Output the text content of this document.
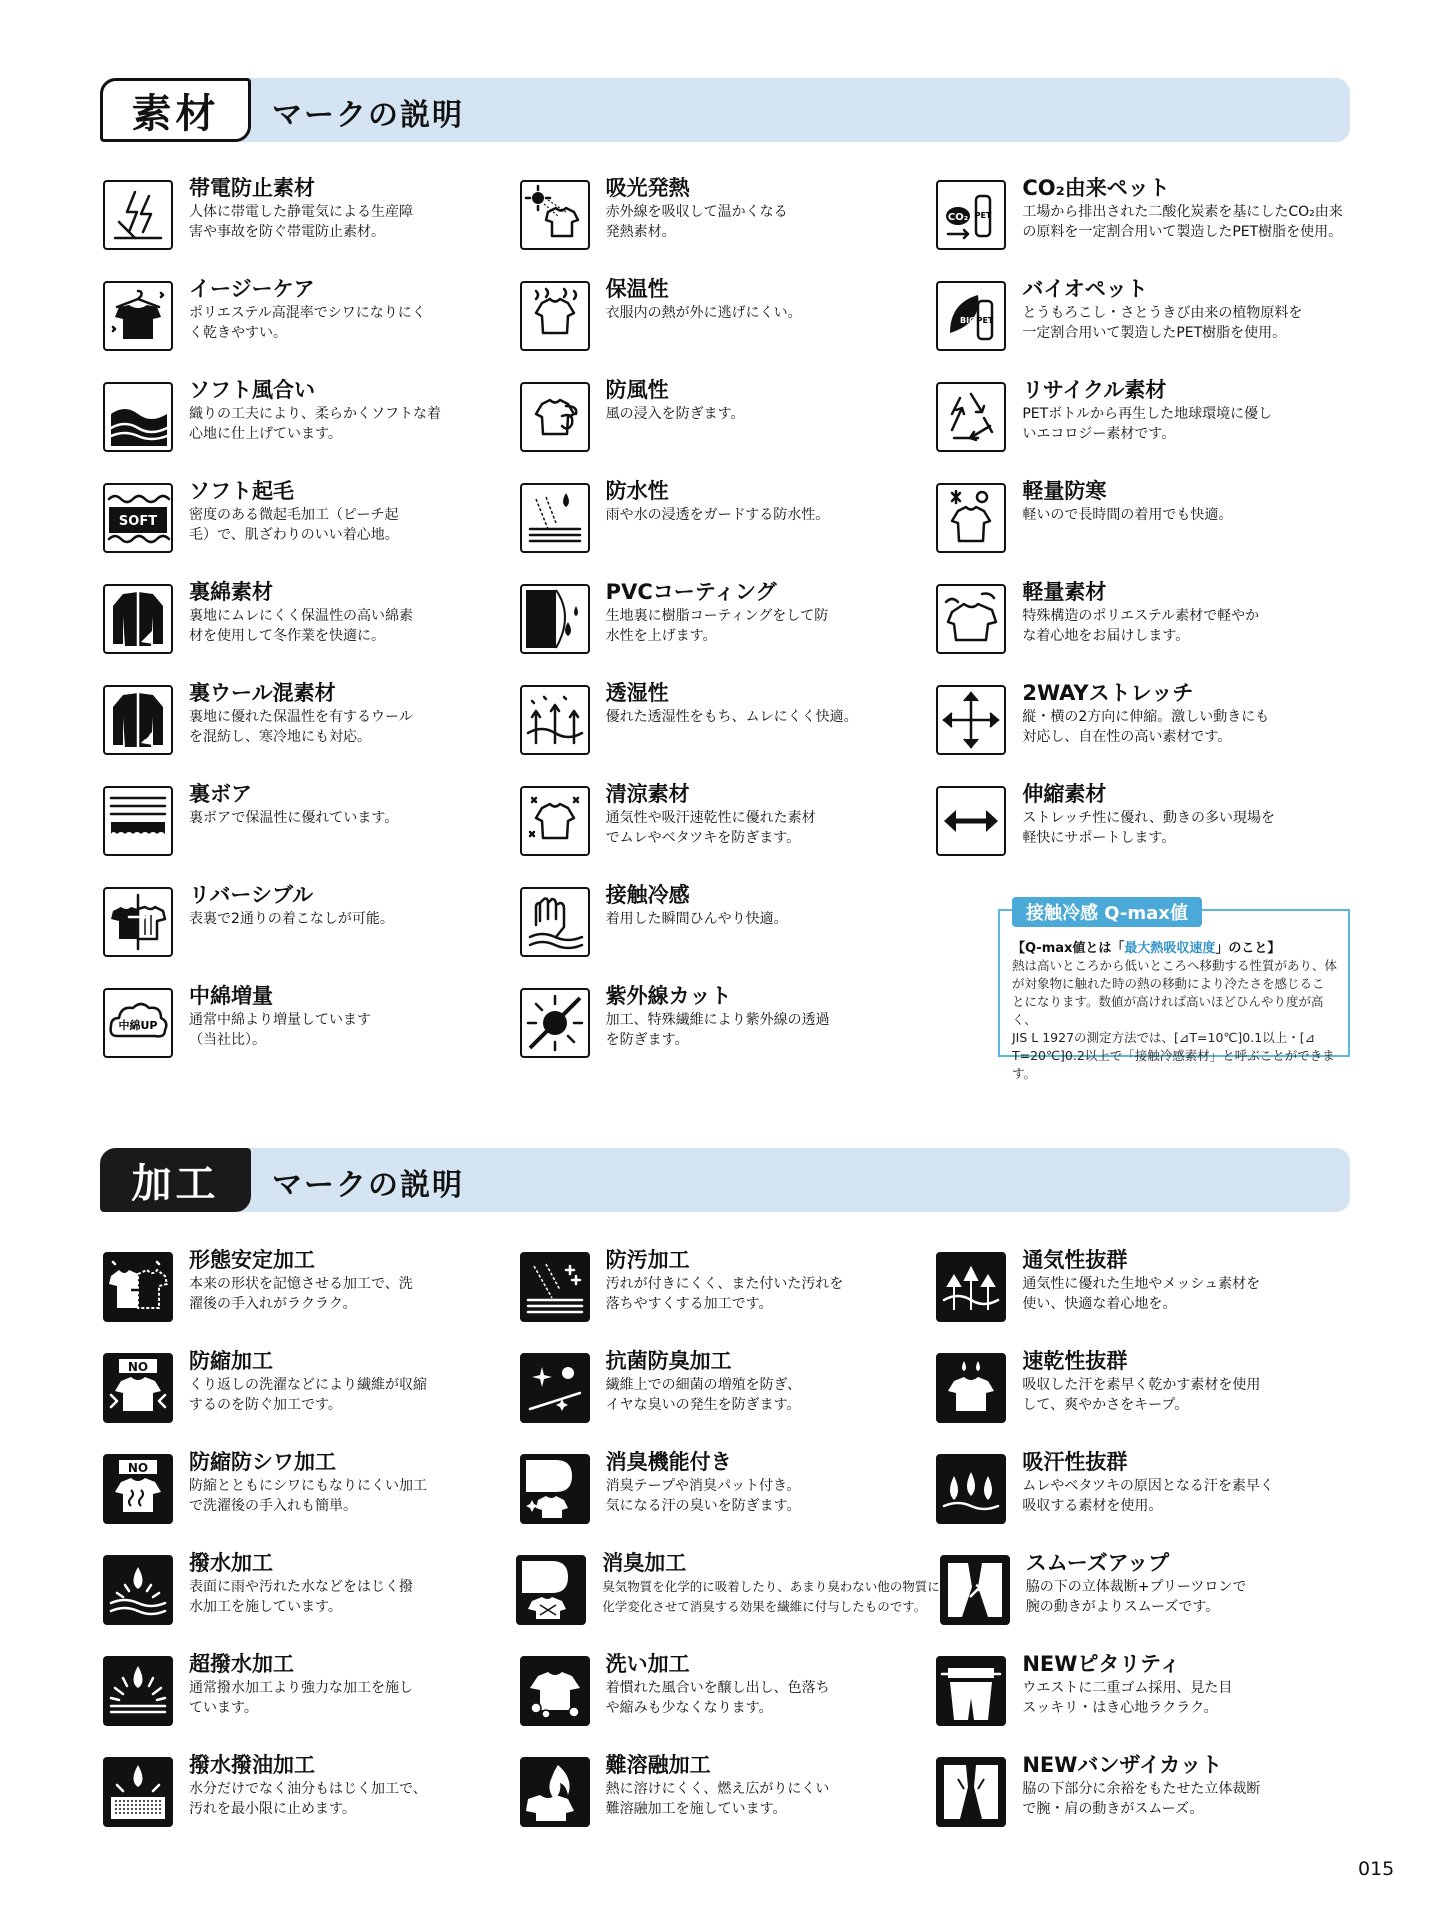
素材	マークの説明
帯電防止素材
人体に帯電した静電気による生産障
害や事故を防ぐ帯電防止素材。
吸光発熱
赤外線を吸収して温かくなる
発熱素材。
CO₂ PET
CO₂由来ペット
工場から排出された二酸化炭素を基にしたCO₂由来
の原料を一定割合用いて製造したPET樹脂を使用。
イージーケア
ポリエステル高混率でシワになりにく
く乾きやすい。
保温性
衣服内の熱が外に逃げにくい。	BIO PET
バイオペット
とうもろこし・さとうきび由来の植物原料を
一定割合用いて製造したPET樹脂を使用。
ソフト風合い
織りの工夫により、柔らかくソフトな着
心地に仕上げています。
防風性
風の浸入を防ぎます。
リサイクル素材
PETボトルから再生した地球環境に優し
いエコロジー素材です。
SOFT
ソフト起毛
密度のある微起毛加工（ピーチ起
毛）で、肌ざわりのいい着心地。
防水性
雨や水の浸透をガードする防水性。
軽量防寒
軽いので長時間の着用でも快適。
裏綿素材
裏地にムレにくく保温性の高い綿素
材を使用して冬作業を快適に。
PVCコーティング
生地裏に樹脂コーティングをして防
水性を上げます。
軽量素材
特殊構造のポリエステル素材で軽やか
な着心地をお届けします。
裏ウール混素材
裏地に優れた保温性を有するウール
を混紡し、寒冷地にも対応。
透湿性
優れた透湿性をもち、ムレにくく快適。
2WAYストレッチ
縦・横の2方向に伸縮。激しい動きにも
対応し、自在性の高い素材です。
裏ボア
裏ボアで保温性に優れています。
清涼素材
通気性や吸汗速乾性に優れた素材
でムレやベタツキを防ぎます。
伸縮素材
ストレッチ性に優れ、動きの多い現場を
軽快にサポートします。
リバーシブル
表裏で2通りの着こなしが可能。
接触冷感
着用した瞬間ひんやり快適。
中綿UP
中綿増量
通常中綿より増量しています
（当社比）。
紫外線カット
加工、特殊繊維により紫外線の透過
を防ぎます。
接触冷感 Q-max値
【Q-max値とは「最大熱吸収速度」のこと】
熱は高いところから低いところへ移動する性質があり、体
が対象物に触れた時の熱の移動により冷たさを感じるこ
とになります。数値が高ければ高いほどひんやり度が高く、
JIS L 1927の測定方法では、[⊿T=10℃]0.1以上・[⊿
T=20℃]0.2以上で「接触冷感素材」と呼ぶことができます。
加工	マークの説明
形態安定加工
本来の形状を記憶させる加工で、洗
濯後の手入れがラクラク。
防汚加工
汚れが付きにくく、また付いた汚れを
落ちやすくする加工です。
通気性抜群
通気性に優れた生地やメッシュ素材を
使い、快適な着心地を。
NO 防縮加工
くり返しの洗濯などにより繊維が収縮
するのを防ぐ加工です。
抗菌防臭加工
繊維上での細菌の増殖を防ぎ、
イヤな臭いの発生を防ぎます。
速乾性抜群
吸収した汗を素早く乾かす素材を使用
して、爽やかさをキープ。
NO 防縮防シワ加工
防縮とともにシワにもなりにくい加工
で洗濯後の手入れも簡単。
消臭機能付き
消臭テープや消臭パット付き。
気になる汗の臭いを防ぎます。
吸汗性抜群
ムレやベタツキの原因となる汗を素早く
吸収する素材を使用。
撥水加工
表面に雨や汚れた水などをはじく撥
水加工を施しています。
消臭加工
臭気物質を化学的に吸着したり、あまり臭わない他の物質に
化学変化させて消臭する効果を繊維に付与したものです。
スムーズアップ
脇の下の立体裁断+プリーツロンで
腕の動きがよりスムーズです。
超撥水加工
通常撥水加工より強力な加工を施し
ています。
洗い加工
着慣れた風合いを醸し出し、色落ち
や縮みも少なくなります。
NEWピタリティ
ウエストに二重ゴム採用、見た目
スッキリ・はき心地ラクラク。
撥水撥油加工
水分だけでなく油分もはじく加工で、
汚れを最小限に止めます。
難溶融加工
熱に溶けにくく、燃え広がりにくい
難溶融加工を施しています。
NEWバンザイカット
脇の下部分に余裕をもたせた立体裁断
で腕・肩の動きがスムーズ。
015
